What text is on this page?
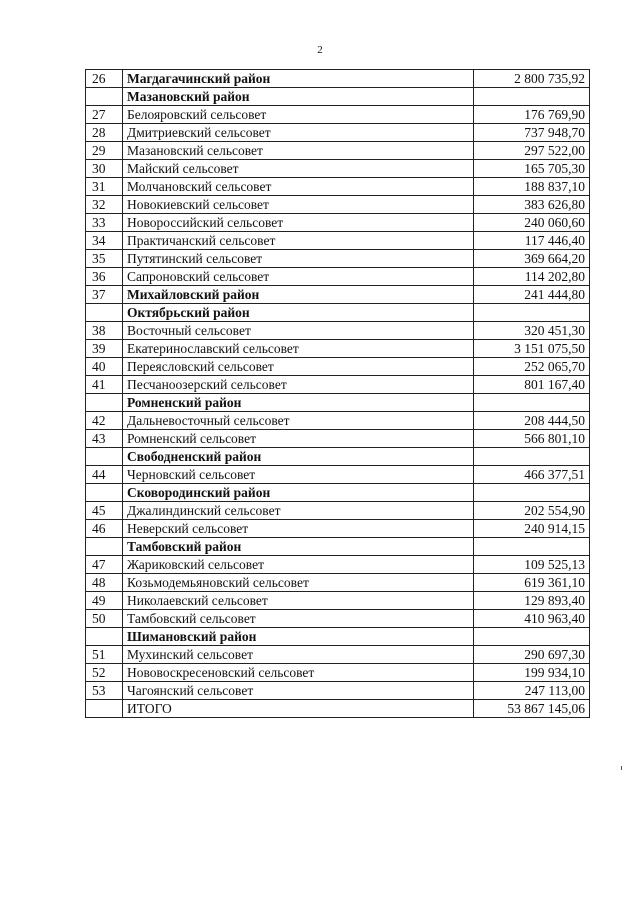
2
26	Магдагачинский район	2 800 735,92
	Мазановский район	
27	Белояровский сельсовет	176 769,90
28	Дмитриевский сельсовет	737 948,70
29	Мазановский сельсовет	297 522,00
30	Майский сельсовет	165 705,30
31	Молчановский сельсовет	188 837,10
32	Новокиевский сельсовет	383 626,80
33	Новороссийский сельсовет	240 060,60
34	Практичанский сельсовет	117 446,40
35	Путятинский сельсовет	369 664,20
36	Сапроновский сельсовет	114 202,80
37	Михайловский район	241 444,80
	Октябрьский район	
38	Восточный сельсовет	320 451,30
39	Екатеринославский сельсовет	3 151 075,50
40	Переясловский сельсовет	252 065,70
41	Песчаноозерский сельсовет	801 167,40
	Ромненский район	
42	Дальневосточный сельсовет	208 444,50
43	Ромненский сельсовет	566 801,10
	Свободненский район	
44	Черновский сельсовет	466 377,51
	Сковородинский район	
45	Джалиндинский сельсовет	202 554,90
46	Неверский сельсовет	240 914,15
	Тамбовский район	
47	Жариковский сельсовет	109 525,13
48	Козьмодемьяновский сельсовет	619 361,10
49	Николаевский сельсовет	129 893,40
50	Тамбовский сельсовет	410 963,40
	Шимановский район	
51	Мухинский сельсовет	290 697,30
52	Нововоскресеновский сельсовет	199 934,10
53	Чагоянский сельсовет	247 113,00
	ИТОГО	53 867 145,06
